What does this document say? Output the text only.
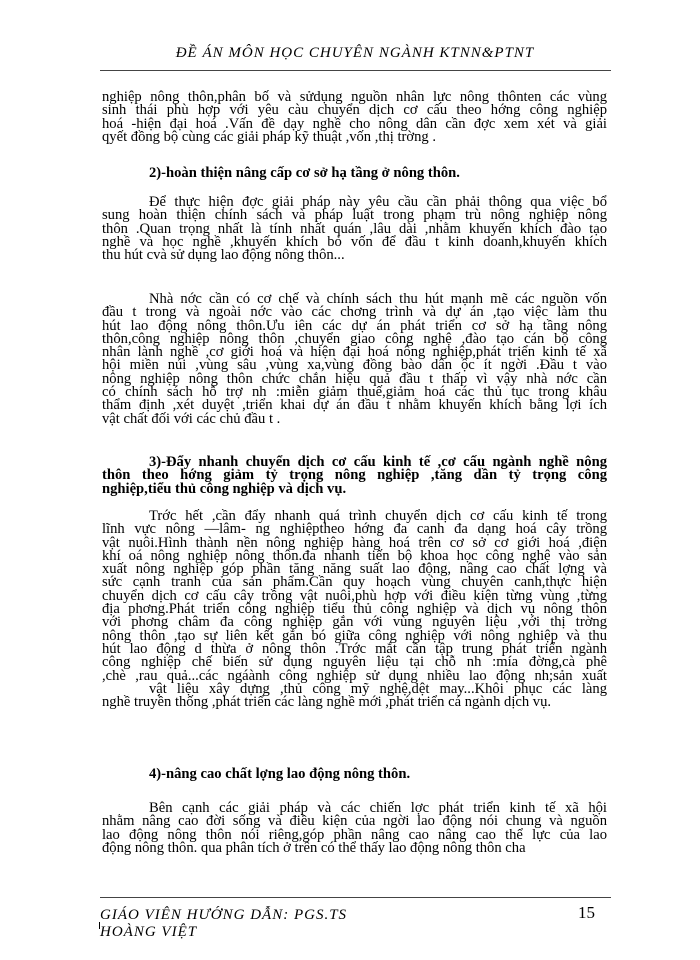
ĐỀ ÁN MÔN HỌC CHUYÊN NGÀNH KTNN&PTNT
nghiệp nông thôn,phân bố và sửdụng nguồn nhân lực nông thônten các vùng
sinh thái phù hợp với yêu càu chuyển dịch cơ cấu theo hớng công nghiệp
hoá -hiện đại hoá .Vấn đề dạy nghề cho nông dân cần đợc xem xét và giải
qyết đồng bộ cùng các giải pháp kỹ thuật ,vốn ,thị trờng .
2)-hoàn thiện nâng cấp cơ sở hạ tầng ở nông thôn.
Để thực hiện đợc giải pháp này yêu cầu cần phải thông qua việc bổ
sung hoàn thiện chính sách và pháp luật trong phạm trù nông nghiệp nông
thôn .Quan trọng nhất là tính nhất quán ,lâu dài ,nhằm khuyến khích đào tạo
nghề và học nghề ,khuyến khích bỏ vốn để đầu t kinh doanh,khuyến khích
thu hút cvà sử dụng lao động nông thôn...
Nhà nớc cần có cơ chế và chính sách thu hút mạnh mẽ các nguồn vốn
đầu t trong và ngoài nớc vào các chơng trình và dự án ,tạo việc làm thu
hút lao động nông thôn.Ưu iên các dự án phát triển cơ sở hạ tầng nông
thôn,công nghiệp nông thôn ,chuyển giao công nghệ ,đào tạo cán bộ công
nhân lành nghề ,cơ giới hoá và hiện đại hoá nông nghiệp,phát triển kinh tế xã
hội miền núi ,vùng sâu ,vùng xa,vùng đồng bào dân ộc ít ngời .Đầu t vào
nông nghiệp nông thôn chức chắn hiệu quả đầu t thấp vì vậy nhà nớc cần
có chính sách hỗ trợ nh :miễn giảm thuế,giảm hoá các thủ tục trong khâu
thẩm định ,xét duyệt ,triển khai dự án đầu t nhằm khuyến khích bằng lợi ích
vật chất đối với các chủ đầu t .
3)-Đẩy nhanh chuyển dịch cơ cấu kinh tế ,cơ cấu ngành nghề nông
thôn theo hớng giảm tỷ trọng nông nghiệp ,tăng dần tỷ trọng công
nghiệp,tiểu thủ công nghiệp và dịch vụ.
Trớc hết ,cần đẩy nhanh quá trình chuyển dịch cơ cấu kinh tế trong
lĩnh vực nông —lâm- ng nghiệptheo hớng đa canh đa dạng hoá cây trồng
vật nuôi.Hình thành nền nông nghiệp hàng hoá trên cơ sở cơ giới hoá ,điện
khí oá nông nghiệp nông thôn.đa nhanh tiến bộ khoa học công nghệ vào sản
xuất nông nghiệp góp phần tăng năng suất lao động, nâng cao chất lợng và
sức cạnh tranh của sản phẩm.Cần quy hoạch vùng chuyên canh,thực hiện
chuyển dịch cơ cấu cây trồng vật nuôi,phù hợp với điều kiện từng vùng ,từng
địa phơng.Phát triển công nghiệp tiểu thủ công nghiệp và dịch vụ nông thôn
với phơng châm đa công nghiệp gắn với vùng nguyên liệu ,với thị trờng
nông thôn ,tạo sự liên kết gắn bó giữa công nghiệp với nông nghiệp và thu
hút lao động d thừa ở nông thôn .Trớc mắt cần tập trung phát triển ngành
công nghiệp chế biến sử dụng nguyên liệu tại chỗ nh :mía đờng,cà phê
,chè ,rau quả...các ngáành công nghiệp sử dụng nhiều lao động nh;sản xuất
vật liệu xây dựng ,thủ công mỹ nghệ,dệt may...Khôi phục các làng
nghề truyền thống ,phát triển các làng nghề mới ,phát triển cá ngành dịch vụ.
4)-nâng cao chất lợng lao động nông thôn.
Bên cạnh các giải pháp và các chiến lợc phát triển kinh tế xã hội
nhằm nâng cao đời sống và điều kiện của ngời lao động nói chung và nguồn
lao động nông thôn nói riêng,góp phần nâng cao nâng cao thể lực của lao
động nông thôn. qua phân tích ở trên có thể thấy lao động nông thôn cha
GIÁO VIÊN HƯỚNG DẪN: PGS.TS HOÀNG VIỆT
15
